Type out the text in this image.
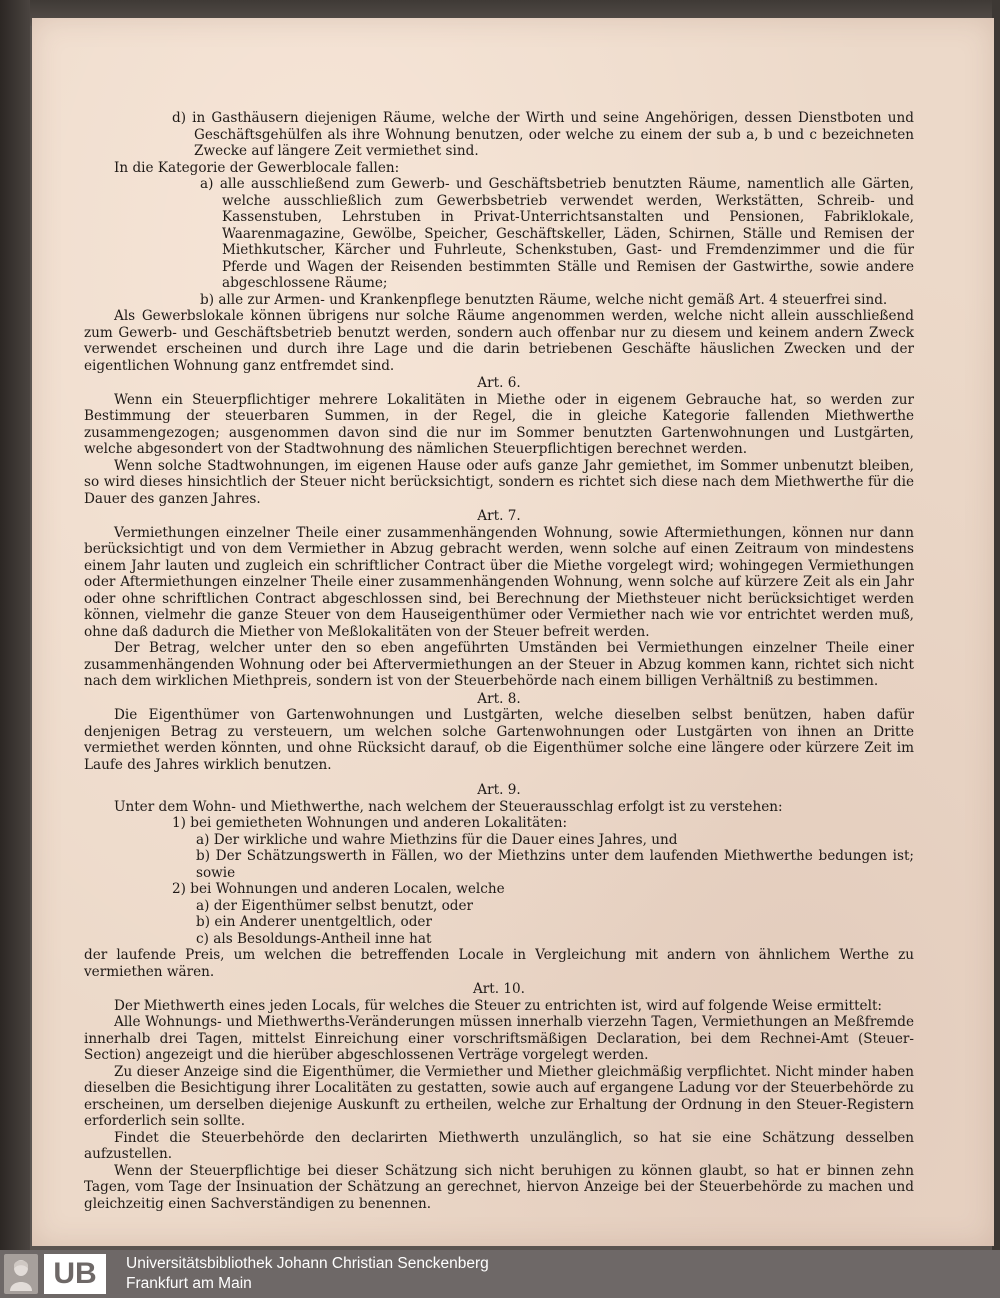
d) in Gasthäusern diejenigen Räume, welche der Wirth und seine Angehörigen, dessen Dienstboten und Geschäftsgehülfen als ihre Wohnung benutzen, oder welche zu einem der sub a, b und c bezeichneten Zwecke auf längere Zeit vermiethet sind.

In die Kategorie der Gewerblocale fallen:

a) alle ausschließend zum Gewerb- und Geschäftsbetrieb benutzten Räume, namentlich alle Gärten, welche ausschließlich zum Gewerbsbetrieb verwendet werden, Werkstätten, Schreib- und Kassenstuben, Lehrstuben in Privat-Unterrichtsanstalten und Pensionen, Fabriklokale, Waarenmagazine, Gewölbe, Speicher, Geschäftskeller, Läden, Schirnen, Ställe und Remisen der Miethkutscher, Kärcher und Fuhrleute, Schenkstuben, Gast- und Fremdenzimmer und die für Pferde und Wagen der Reisenden bestimmten Ställe und Remisen der Gastwirthe, sowie andere abgeschlossene Räume;

b) alle zur Armen- und Krankenpflege benutzten Räume, welche nicht gemäß Art. 4 steuerfrei sind.

Als Gewerbslokale können übrigens nur solche Räume angenommen werden, welche nicht allein ausschließend zum Gewerb- und Geschäftsbetrieb benutzt werden, sondern auch offenbar nur zu diesem und keinem andern Zweck verwendet erscheinen und durch ihre Lage und die darin betriebenen Geschäfte häuslichen Zwecken und der eigentlichen Wohnung ganz entfremdet sind.

Art. 6.

Wenn ein Steuerpflichtiger mehrere Lokalitäten in Miethe oder in eigenem Gebrauche hat, so werden zur Bestimmung der steuerbaren Summen, in der Regel, die in gleiche Kategorie fallenden Miethwerthe zusammengezogen; ausgenommen davon sind die nur im Sommer benutzten Gartenwohnungen und Lustgärten, welche abgesondert von der Stadtwohnung des nämlichen Steuerpflichtigen berechnet werden.

Wenn solche Stadtwohnungen, im eigenen Hause oder aufs ganze Jahr gemiethet, im Sommer unbenutzt bleiben, so wird dieses hinsichtlich der Steuer nicht berücksichtigt, sondern es richtet sich diese nach dem Miethwerthe für die Dauer des ganzen Jahres.

Art. 7.

Vermiethungen einzelner Theile einer zusammenhängenden Wohnung, sowie Aftermiethungen, können nur dann berücksichtigt und von dem Vermiether in Abzug gebracht werden, wenn solche auf einen Zeitraum von mindestens einem Jahr lauten und zugleich ein schriftlicher Contract über die Miethe vorgelegt wird; wohingegen Vermiethungen oder Aftermiethungen einzelner Theile einer zusammenhängenden Wohnung, wenn solche auf kürzere Zeit als ein Jahr oder ohne schriftlichen Contract abgeschlossen sind, bei Berechnung der Miethsteuer nicht berücksichtiget werden können, vielmehr die ganze Steuer von dem Hauseigenthümer oder Vermiether nach wie vor entrichtet werden muß, ohne daß dadurch die Miether von Meßlokalitäten von der Steuer befreit werden.

Der Betrag, welcher unter den so eben angeführten Umständen bei Vermiethungen einzelner Theile einer zusammenhängenden Wohnung oder bei Aftervermiethungen an der Steuer in Abzug kommen kann, richtet sich nicht nach dem wirklichen Miethpreis, sondern ist von der Steuerbehörde nach einem billigen Verhältniß zu bestimmen.

Art. 8.

Die Eigenthümer von Gartenwohnungen und Lustgärten, welche dieselben selbst benützen, haben dafür denjenigen Betrag zu versteuern, um welchen solche Gartenwohnungen oder Lustgärten von ihnen an Dritte vermiethet werden könnten, und ohne Rücksicht darauf, ob die Eigenthümer solche eine längere oder kürzere Zeit im Laufe des Jahres wirklich benutzen.

Art. 9.

Unter dem Wohn- und Miethwerthe, nach welchem der Steuerausschlag erfolgt ist zu verstehen:

1) bei gemietheten Wohnungen und anderen Lokalitäten:

a) Der wirkliche und wahre Miethzins für die Dauer eines Jahres, und

b) Der Schätzungswerth in Fällen, wo der Miethzins unter dem laufenden Miethwerthe bedungen ist; sowie

2) bei Wohnungen und anderen Localen, welche

a) der Eigenthümer selbst benutzt, oder

b) ein Anderer unentgeltlich, oder

c) als Besoldungs-Antheil inne hat

der laufende Preis, um welchen die betreffenden Locale in Vergleichung mit andern von ähnlichem Werthe zu vermiethen wären.

Art. 10.

Der Miethwerth eines jeden Locals, für welches die Steuer zu entrichten ist, wird auf folgende Weise ermittelt:

Alle Wohnungs- und Miethwerths-Veränderungen müssen innerhalb vierzehn Tagen, Vermiethungen an Meßfremde innerhalb drei Tagen, mittelst Einreichung einer vorschriftsmäßigen Declaration, bei dem Rechnei-Amt (Steuer-Section) angezeigt und die hierüber abgeschlossenen Verträge vorgelegt werden.

Zu dieser Anzeige sind die Eigenthümer, die Vermiether und Miether gleichmäßig verpflichtet. Nicht minder haben dieselben die Besichtigung ihrer Localitäten zu gestatten, sowie auch auf ergangene Ladung vor der Steuerbehörde zu erscheinen, um derselben diejenige Auskunft zu ertheilen, welche zur Erhaltung der Ordnung in den Steuer-Registern erforderlich sein sollte.

Findet die Steuerbehörde den declarirten Miethwerth unzulänglich, so hat sie eine Schätzung desselben aufzustellen.

Wenn der Steuerpflichtige bei dieser Schätzung sich nicht beruhigen zu können glaubt, so hat er binnen zehn Tagen, vom Tage der Insinuation der Schätzung an gerechnet, hiervon Anzeige bei der Steuerbehörde zu machen und gleichzeitig einen Sachverständigen zu benennen.

UB	Universitätsbibliothek Johann Christian Senckenberg
Frankfurt am Main
